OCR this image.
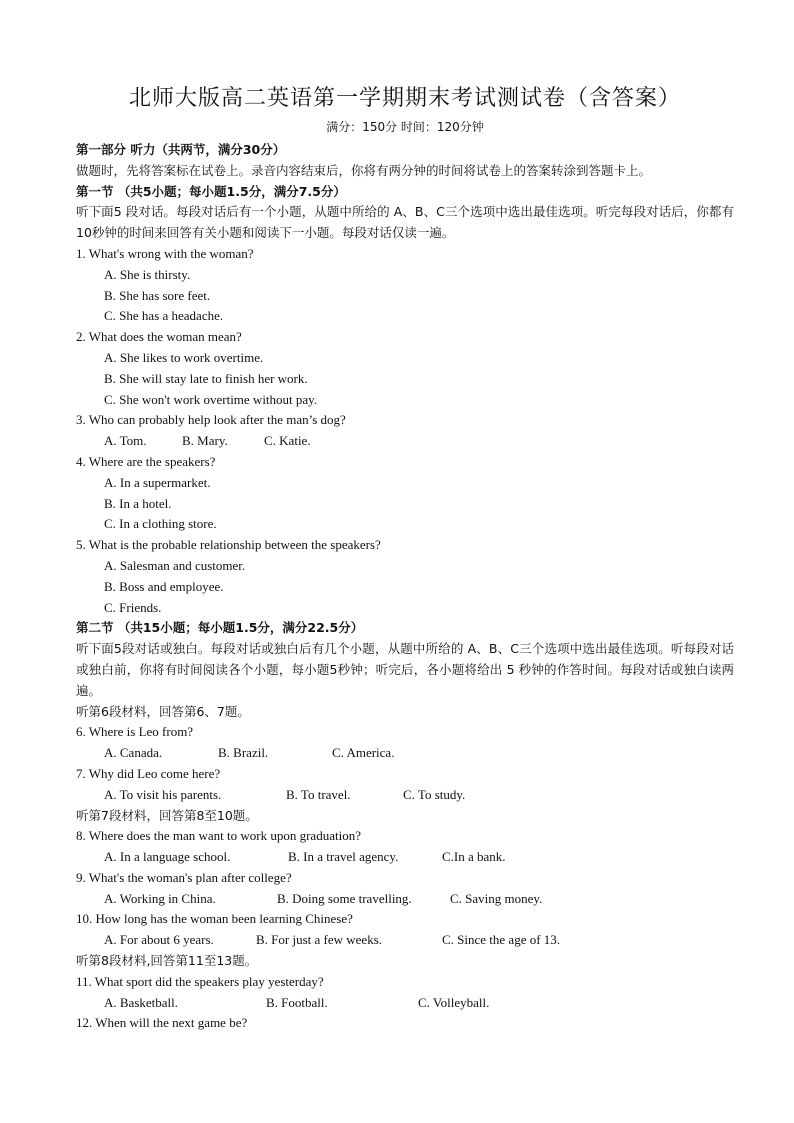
北师大版高二英语第一学期期末考试测试卷（含答案）
满分：150分 时间：120分钟
第一部分 听力（共两节，满分30分）
做题时，先将答案标在试卷上。录音内容结束后，你将有两分钟的时间将试卷上的答案转涂到答题卡上。
第一节 （共5小题；每小题1.5分，满分7.5分）
听下面5 段对话。每段对话后有一个小题，从题中所给的 A、B、C三个选项中选出最佳选项。听完每段对话后，你都有 10秒钟的时间来回答有关小题和阅读下一小题。每段对话仅读一遍。
1. What's wrong with the woman?
A. She is thirsty.
B. She has sore feet.
C. She has a headache.
2. What does the woman mean?
A. She likes to work overtime.
B. She will stay late to finish her work.
C. She won't work overtime without pay.
3. Who can probably help look after the man’s dog?
A. Tom.	B. Mary.	C. Katie.
4. Where are the speakers?
A. In a supermarket.
B. In a hotel.
C. In a clothing store.
5. What is the probable relationship between the speakers?
A. Salesman and customer.
B. Boss and employee.
C. Friends.
第二节 （共15小题；每小题1.5分，满分22.5分）
听下面5段对话或独白。每段对话或独白后有几个小题，从题中所给的 A、B、C三个选项中选出最佳选项。听每段对话或独白前，你将有时间阅读各个小题，每小题5秒钟；听完后，各小题将给出 5 秒钟的作答时间。每段对话或独白读两遍。
听第6段材料，回答第6、7题。
6. Where is Leo from?
A. Canada.	B. Brazil.	C. America.
7. Why did Leo come here?
A. To visit his parents.	B. To travel.	C. To study.
听第7段材料，回答第8至10题。
8. Where does the man want to work upon graduation?
A. In a language school.	B. In a travel agency.	C.In a bank.
9. What's the woman's plan after college?
A. Working in China.	B. Doing some travelling.	C. Saving money.
10. How long has the woman been learning Chinese?
A. For about 6 years.	B. For just a few weeks.	C. Since the age of 13.
听第8段材料,回答第11至13题。
11. What sport did the speakers play yesterday?
A. Basketball.	B. Football.	C. Volleyball.
12. When will the next game be?
